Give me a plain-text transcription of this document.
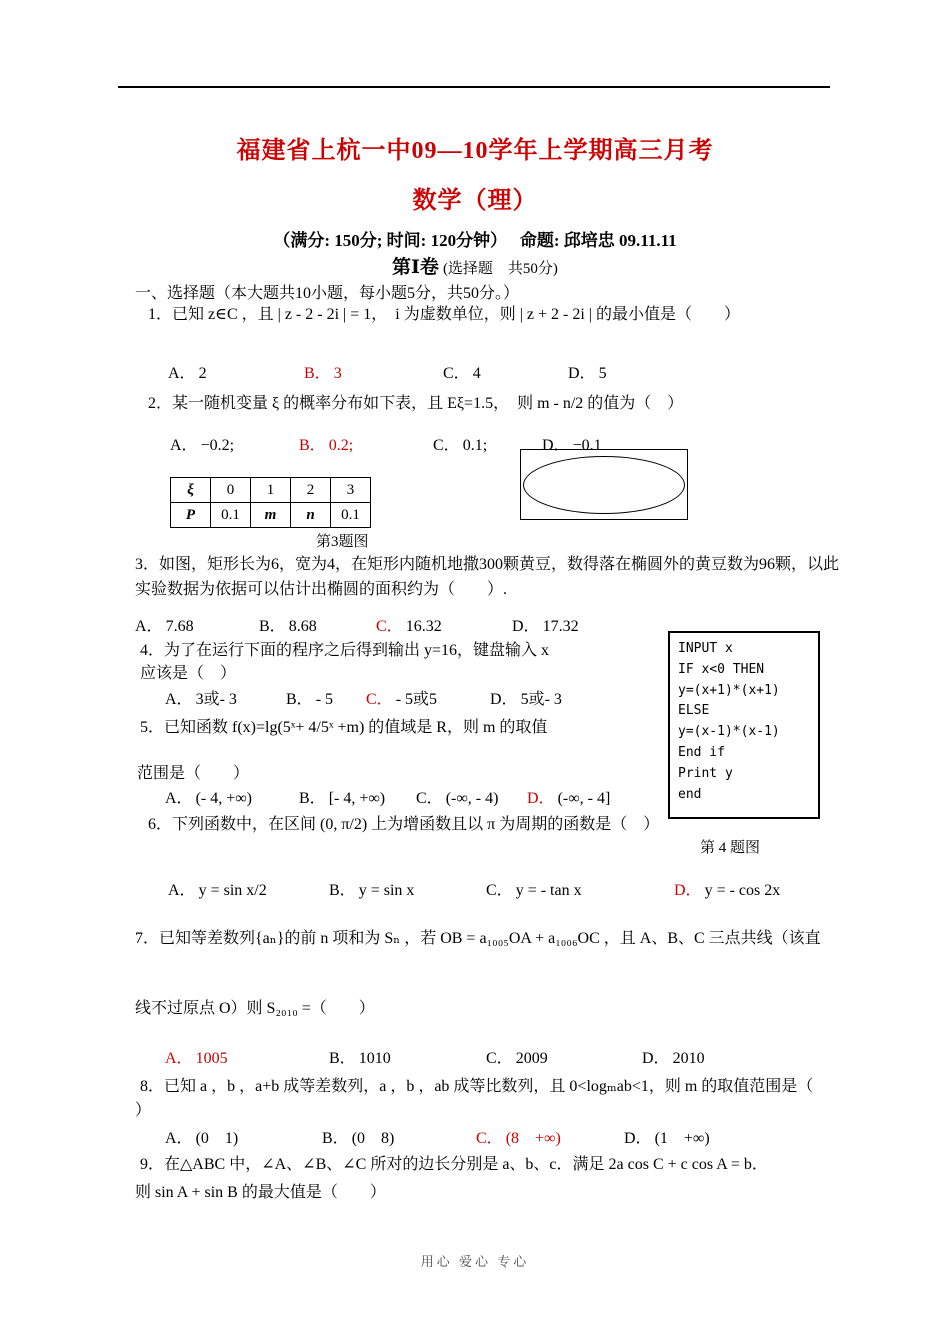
福建省上杭一中09—10学年上学期高三月考
数学（理）
（满分: 150分; 时间: 120分钟）　 命题: 邱培忠 09.11.11
第Ⅰ卷 (选择题　共50分)
一、选择题（本大题共10小题，每小题5分，共50分。）
1．已知 z∈C ，且 | z - 2 - 2i | = 1，　i 为虚数单位，则 | z + 2 - 2i | 的最小值是（　　）
A． 2	B． 3	C． 4	D． 5
2．某一随机变量 ξ 的概率分布如下表，且 Eξ=1.5，　则 m - n/2 的值为（　）
A． −0.2;	B． 0.2;	C． 0.1;	D． −0.1
ξ	0	1	2	3
P	0.1	m	n	0.1
第3题图
3．如图，矩形长为6，宽为4，在矩形内随机地撒300颗黄豆，数得落在椭圆外的黄豆数为96颗，以此实验数据为依据可以估计出椭圆的面积约为（　　）.
A． 7.68	B． 8.68	C． 16.32	D． 17.32
4．为了在运行下面的程序之后得到输出 y=16，键盘输入 x
应该是（　）
A． 3或- 3	B． - 5 C． - 5或5	D． 5或- 3
INPUT x
IF x<0 THEN
y=(x+1)*(x+1)
ELSE
y=(x-1)*(x-1)
End if
Print y
end
第 4 题图
5．已知函数 f(x)=lg(5ˣ+ 4/5ˣ +m) 的值域是 R，则 m 的取值
范围是（　　）
A． (- 4, +∞)	B． [- 4, +∞) C． (-∞, - 4) D． (-∞, - 4]
6．下列函数中，在区间 (0, π/2) 上为增函数且以 π 为周期的函数是（　）
A． y = sin x/2	B． y = sin x	C． y = - tan x	D． y = - cos 2x
7．已知等差数列{aₙ}的前 n 项和为 Sₙ ，若 OB = a₁₀₀₅OA + a₁₀₀₆OC ，且 A、B、C 三点共线（该直
线不过原点 O）则 S₂₀₁₀ =（　　）
A． 1005	B． 1010	C． 2009	D． 2010
8．已知 a ，b ，a+b 成等差数列，a ，b ，ab 成等比数列，且 0<logₘab<1，则 m 的取值范围是（
）
A． (0　1)	B． (0　8)	C． (8　+∞)	D． (1　+∞)
9．在△ABC 中，∠A、∠B、∠C 所对的边长分别是 a、b、c．满足 2a cos C + c cos A = b．
则 sin A + sin B 的最大值是（　　）
用心 爱心 专心
